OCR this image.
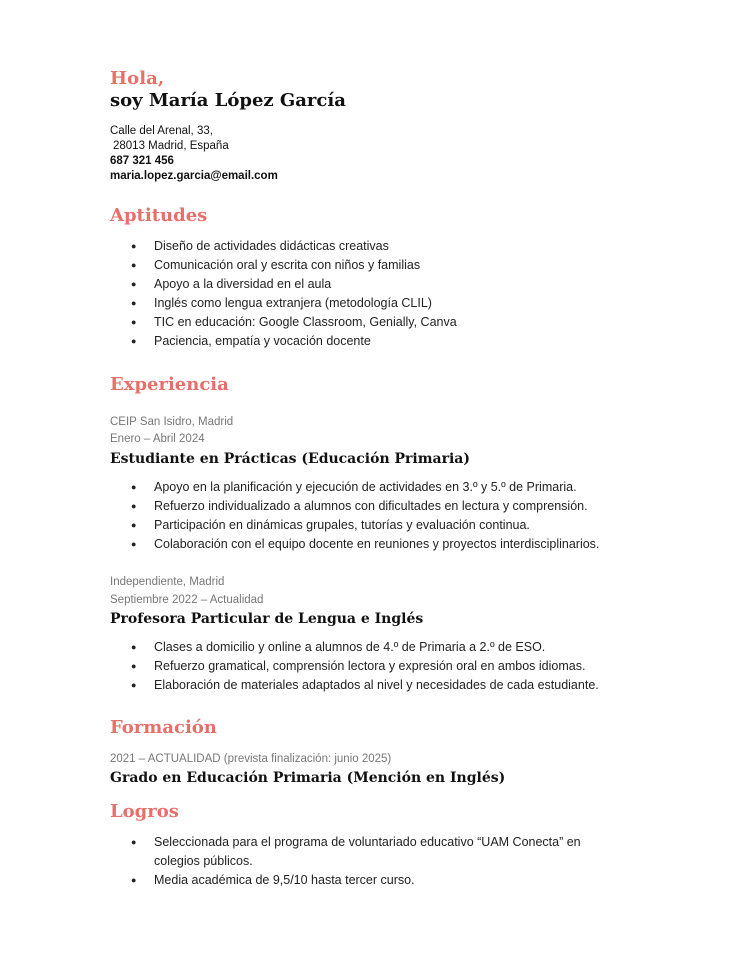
Hola,
soy María López García
Calle del Arenal, 33,
28013 Madrid, España
687 321 456
maria.lopez.garcia@email.com
Aptitudes
● Diseño de actividades didácticas creativas
● Comunicación oral y escrita con niños y familias
● Apoyo a la diversidad en el aula
● Inglés como lengua extranjera (metodología CLIL)
● TIC en educación: Google Classroom, Genially, Canva
● Paciencia, empatía y vocación docente
Experiencia
CEIP San Isidro, Madrid
Enero – Abril 2024
Estudiante en Prácticas (Educación Primaria)
● Apoyo en la planificación y ejecución de actividades en 3.º y 5.º de Primaria.
● Refuerzo individualizado a alumnos con dificultades en lectura y comprensión.
● Participación en dinámicas grupales, tutorías y evaluación continua.
● Colaboración con el equipo docente en reuniones y proyectos interdisciplinarios.
Independiente, Madrid
Septiembre 2022 – Actualidad
Profesora Particular de Lengua e Inglés
● Clases a domicilio y online a alumnos de 4.º de Primaria a 2.º de ESO.
● Refuerzo gramatical, comprensión lectora y expresión oral en ambos idiomas.
● Elaboración de materiales adaptados al nivel y necesidades de cada estudiante.
Formación
2021 – ACTUALIDAD (prevista finalización: junio 2025)
Grado en Educación Primaria (Mención en Inglés)
Logros
● Seleccionada para el programa de voluntariado educativo “UAM Conecta” en colegios públicos.
● Media académica de 9,5/10 hasta tercer curso.
